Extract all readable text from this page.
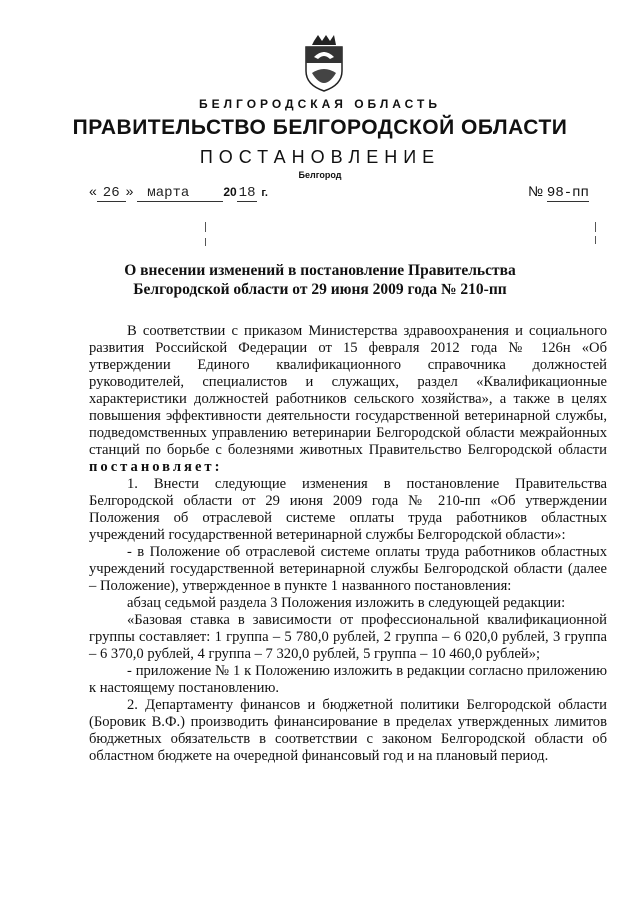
БЕЛГОРОДСКАЯ ОБЛАСТЬ
ПРАВИТЕЛЬСТВО БЕЛГОРОДСКОЙ ОБЛАСТИ
ПОСТАНОВЛЕНИЕ
Белгород
« 26 » марта	20 18 г.	№ 98-пп
О внесении изменений в постановление Правительства
Белгородской области от 29 июня 2009 года № 210-пп

В соответствии с приказом Министерства здравоохранения и социального развития Российской Федерации от 15 февраля 2012 года № 126н «Об утверждении Единого квалификационного справочника должностей руководителей, специалистов и служащих, раздел «Квалификационные характеристики должностей работников сельского хозяйства», а также в целях повышения эффективности деятельности государственной ветеринарной службы, подведомственных управлению ветеринарии Белгородской области межрайонных станций по борьбе с болезнями животных Правительство Белгородской области постановляет:

1. Внести следующие изменения в постановление Правительства Белгородской области от 29 июня 2009 года № 210-пп «Об утверждении Положения об отраслевой системе оплаты труда работников областных учреждений государственной ветеринарной службы Белгородской области»:

- в Положение об отраслевой системе оплаты труда работников областных учреждений государственной ветеринарной службы Белгородской области (далее – Положение), утвержденное в пункте 1 названного постановления:

абзац седьмой раздела 3 Положения изложить в следующей редакции:

«Базовая ставка в зависимости от профессиональной квалификационной группы составляет: 1 группа – 5 780,0 рублей, 2 группа – 6 020,0 рублей, 3 группа – 6 370,0 рублей, 4 группа – 7 320,0 рублей, 5 группа – 10 460,0 рублей»;

- приложение № 1 к Положению изложить в редакции согласно приложению к настоящему постановлению.

2. Департаменту финансов и бюджетной политики Белгородской области (Боровик В.Ф.) производить финансирование в пределах утвержденных лимитов бюджетных обязательств в соответствии с законом Белгородской области об областном бюджете на очередной финансовый год и на плановый период.
